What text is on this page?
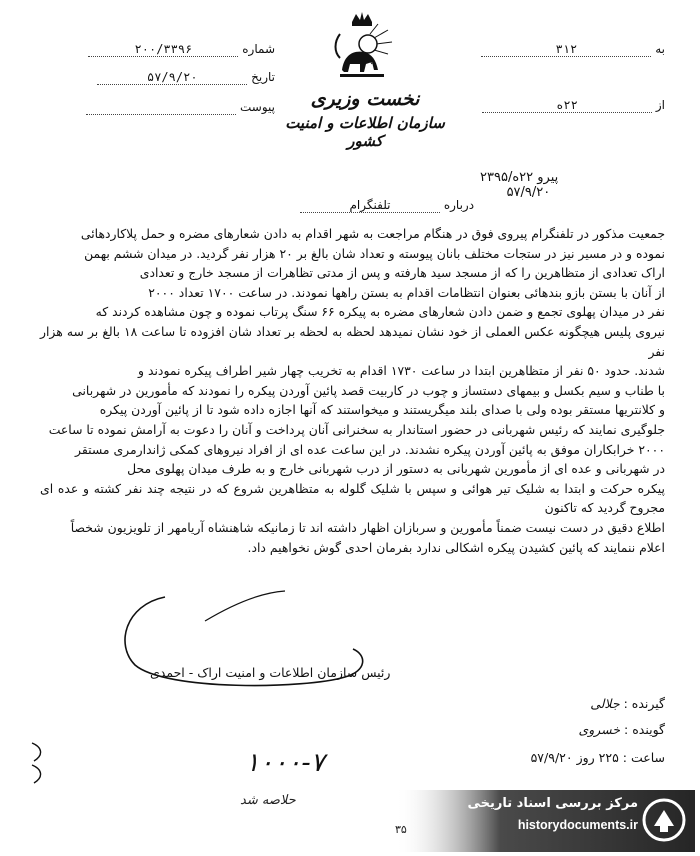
شماره ۲۰۰/۳۳۹۶
تاریخ ۵۷/۹/۲۰
پیوست
به ۳۱۲
از ۲۲ه
نخست وزیری
سازمان اطلاعات و امنیت کشور
پیرو ۲۲ه/۲۳۹۵
۵۷/۹/۲۰
درباره تلفنگرام

جمعیت مذکور در تلفنگرام پیروی فوق در هنگام مراجعت به شهر اقدام به دادن شعارهای مضره و حمل پلاکاردهائی

نموده و در مسیر نیز در ستجات مختلف بانان پیوسته و تعداد شان بالغ بر ۲۰ هزار نفر گردید. در میدان ششم بهمن

اراک تعدادی از متظاهرین را که از مسجد سید هارفته و پس از مدتی تظاهرات از مسجد خارج و تعدادی

از آنان با بستن بازو بندهائی بعنوان انتظامات اقدام به بستن راهها نمودند. در ساعت ۱۷۰۰ تعداد ۲۰۰۰

نفر در میدان پهلوی تجمع و ضمن دادن شعارهای مضره به پیکره ۶۶ سنگ پرتاب نموده و چون مشاهده کردند که

نیروی پلیس هیچگونه عکس العملی از خود نشان نمیدهد لحظه به لحظه بر تعداد شان افزوده تا ساعت ۱۸ بالغ بر سه هزار نفر

شدند. حدود ۵۰ نفر از متظاهرین ابتدا در ساعت ۱۷۳۰ اقدام به تخریب چهار شیر اطراف پیکره نمودند و

با طناب و سیم بکسل و بیمهای دستساز و چوب در کاربیت قصد پائین آوردن پیکره را نمودند که مأمورین در شهربانی

و کلانتریها مستقر بوده ولی با صدای بلند میگریستند و میخواستند که آنها اجازه داده شود تا از پائین آوردن پیکره

جلوگیری نمایند که رئیس شهربانی در حضور استاندار به سخنرانی آنان پرداخت و آنان را دعوت به آرامش نموده تا ساعت

۲۰۰۰ خرابکاران موفق به پائین آوردن پیکره نشدند. در این ساعت عده ای از افراد نیروهای کمکی ژاندارمری مستقر

در شهربانی و عده ای از مأمورین شهربانی به دستور از درب شهربانی خارج و به طرف میدان پهلوی محل

پیکره حرکت و ابتدا به شلیک تیر هوائی و سپس با شلیک گلوله به متظاهرین شروع که در نتیجه چند نفر کشته و عده ای مجروح گردید که تاکنون

اطلاع دقیق در دست نیست ضمناً مأمورین و سربازان اظهار داشته اند تا زمانیکه شاهنشاه آریامهر از تلویزیون شخصاً

اعلام ننمایند که پائین کشیدن پیکره اشکالی ندارد بفرمان احدی گوش نخواهیم داد.

رئیس سازمان اطلاعات و امنیت اراک - احمدی
گیرنده : جلالی
گوینده : خسروی
ساعت : ۲۲۵ روز ۵۷/۹/۲۰
۱۰۰۰-۷
حلاصه شد	مرکز بررسی اسناد تاریخی
historydocuments.ir
